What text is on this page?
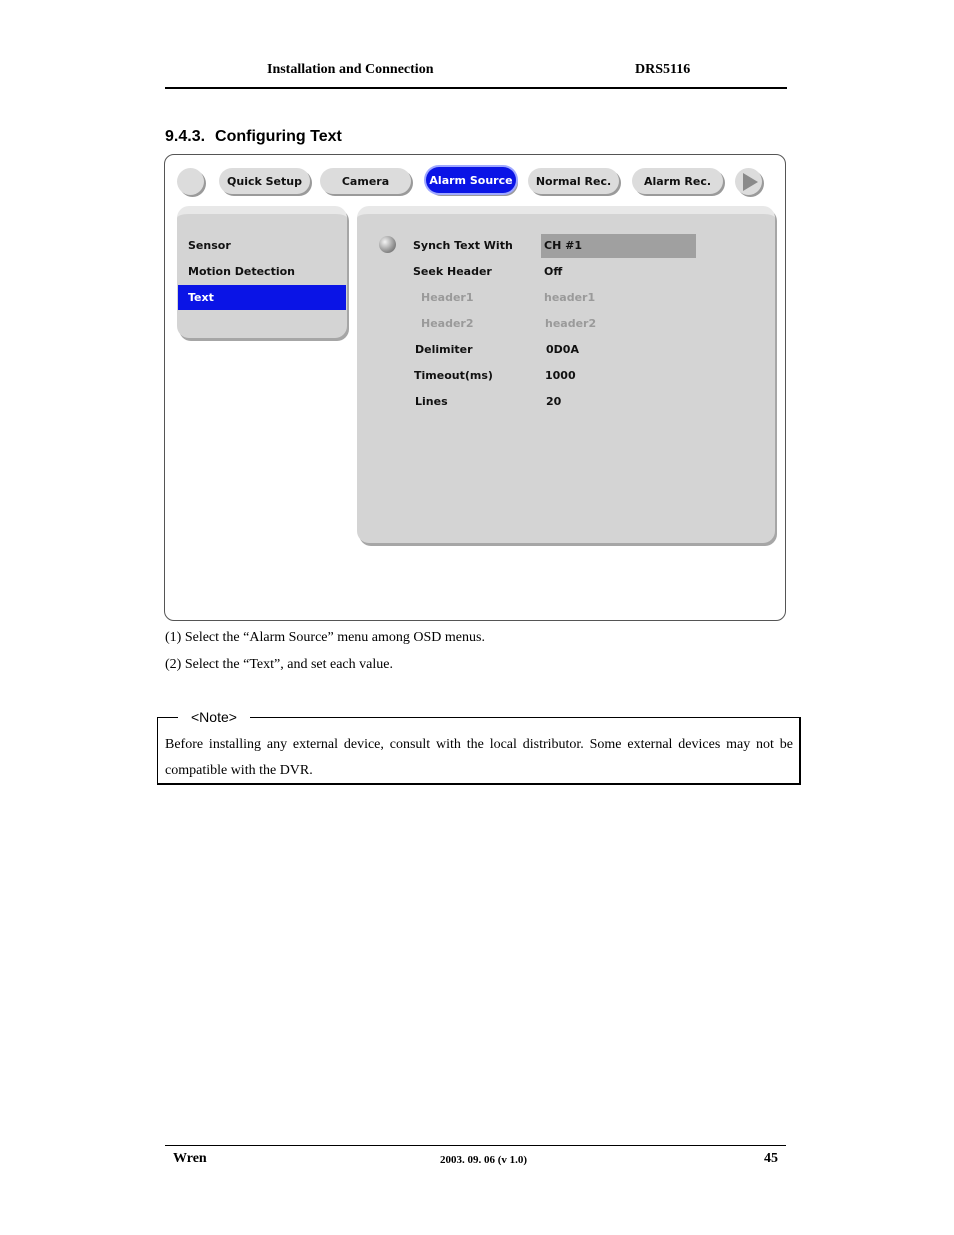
Installation and Connection	DRS5116
9.4.3. Configuring Text
Quick Setup	Camera	Alarm Source	Normal Rec.	Alarm Rec.
Sensor
Motion Detection
Text
Synch Text With	CH #1
Seek Header	Off
Header1	header1
Header2	header2
Delimiter	0D0A
Timeout(ms)	1000
Lines	20
(1) Select the “Alarm Source” menu among OSD menus.
(2) Select the “Text”, and set each value.
<Note>
Before installing any external device, consult with the local distributor. Some external devices may not be compatible with the DVR.
Wren	2003. 09. 06 (v 1.0)	45
